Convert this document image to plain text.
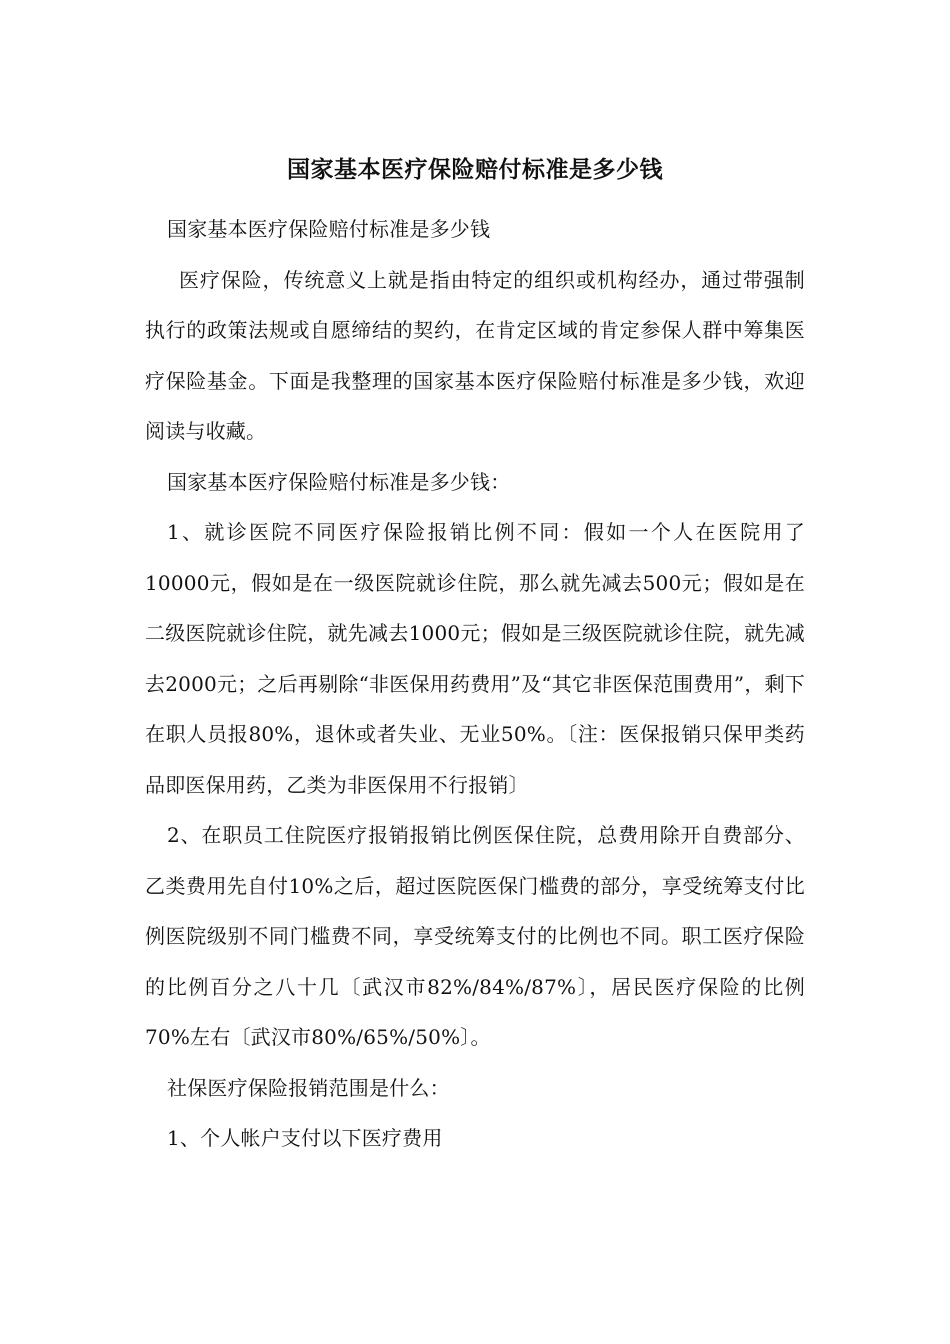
国家基本医疗保险赔付标准是多少钱

国家基本医疗保险赔付标准是多少钱

医疗保险，传统意义上就是指由特定的组织或机构经办，通过带强制执行的政策法规或自愿缔结的契约，在肯定区域的肯定参保人群中筹集医疗保险基金。下面是我整理的国家基本医疗保险赔付标准是多少钱，欢迎阅读与收藏。

国家基本医疗保险赔付标准是多少钱：

1、就诊医院不同医疗保险报销比例不同：假如一个人在医院用了10000元，假如是在一级医院就诊住院，那么就先减去500元；假如是在二级医院就诊住院，就先减去1000元；假如是三级医院就诊住院，就先减去2000元；之后再剔除“非医保用药费用”及“其它非医保范围费用”，剩下在职人员报80%，退休或者失业、无业50%。〔注：医保报销只保甲类药品即医保用药，乙类为非医保用不行报销〕

2、在职员工住院医疗报销报销比例医保住院，总费用除开自费部分、乙类费用先自付10%之后，超过医院医保门槛费的部分，享受统筹支付比例医院级别不同门槛费不同，享受统筹支付的比例也不同。职工医疗保险的比例百分之八十几〔武汉市82%/84%/87%〕，居民医疗保险的比例70%左右〔武汉市80%/65%/50%〕。

社保医疗保险报销范围是什么：

1、个人帐户支付以下医疗费用
